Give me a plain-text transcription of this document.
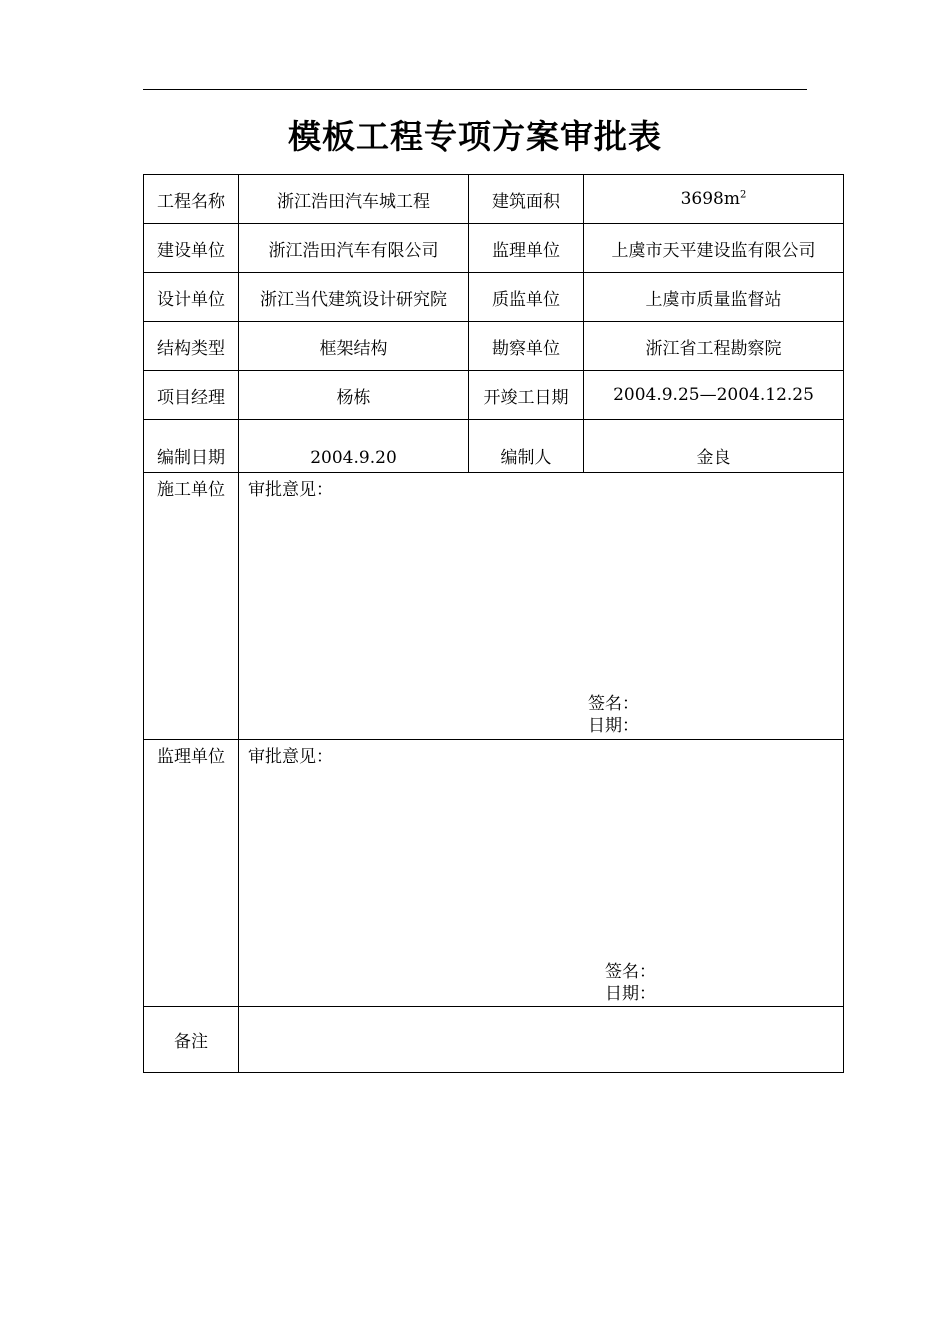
模板工程专项方案审批表
工程名称	浙江浩田汽车城工程	建筑面积	$3698m^2$
建设单位	浙江浩田汽车有限公司	监理单位	上虞市天平建设监有限公司
设计单位	浙江当代建筑设计研究院	质监单位	上虞市质量监督站
结构类型	框架结构	勘察单位	浙江省工程勘察院
项目经理	杨栋	开竣工日期	2004.9.25—2004.12.25
编制日期	2004.9.20	编制人	金良
施工单位	审批意见：
签名：
日期：		

监理单位	审批意见：
签名：
日期：		

备注			
